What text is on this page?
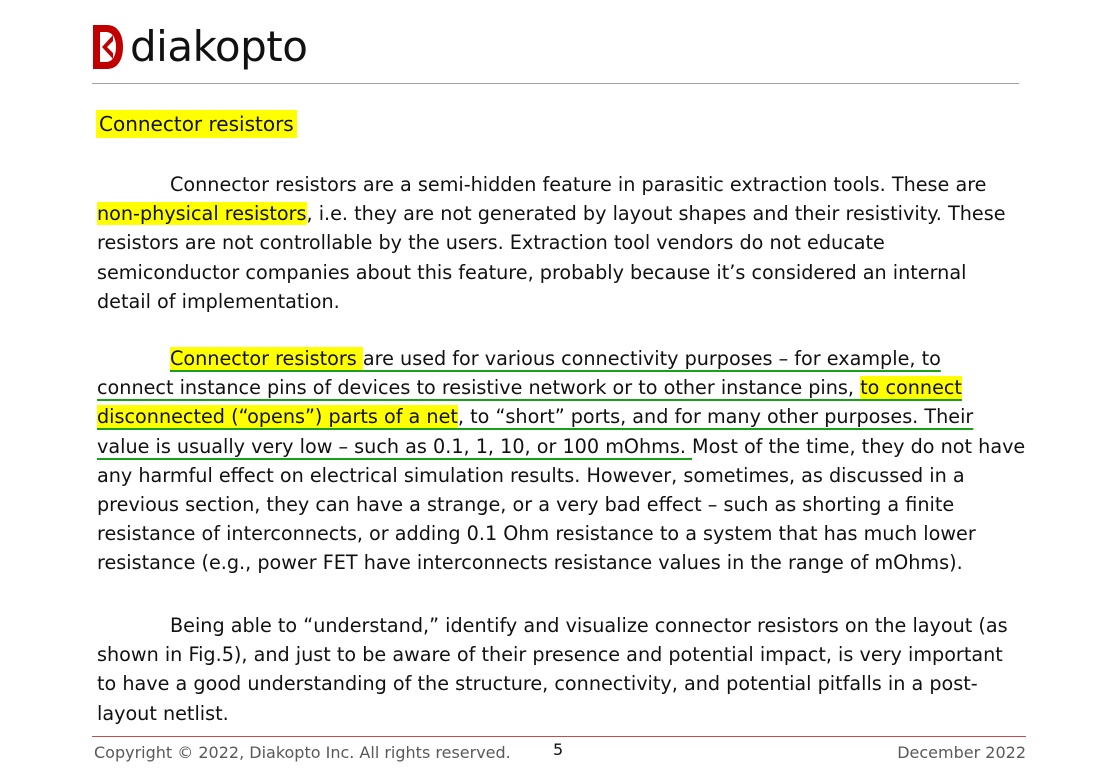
diakopto
Connector resistors
Connector resistors are a semi-hidden feature in parasitic extraction tools. These are
non-physical resistors, i.e. they are not generated by layout shapes and their resistivity. These
resistors are not controllable by the users. Extraction tool vendors do not educate
semiconductor companies about this feature, probably because it’s considered an internal
detail of implementation.
Connector resistors are used for various connectivity purposes – for example, to
connect instance pins of devices to resistive network or to other instance pins, to connect
disconnected (“opens”) parts of a net, to “short” ports, and for many other purposes. Their
value is usually very low – such as 0.1, 1, 10, or 100 mOhms. Most of the time, they do not have
any harmful effect on electrical simulation results. However, sometimes, as discussed in a
previous section, they can have a strange, or a very bad effect – such as shorting a finite
resistance of interconnects, or adding 0.1 Ohm resistance to a system that has much lower
resistance (e.g., power FET have interconnects resistance values in the range of mOhms).
Being able to “understand,” identify and visualize connector resistors on the layout (as
shown in Fig.5), and just to be aware of their presence and potential impact, is very important
to have a good understanding of the structure, connectivity, and potential pitfalls in a post-
layout netlist.
Copyright © 2022, Diakopto Inc. All rights reserved.	5	December 2022
